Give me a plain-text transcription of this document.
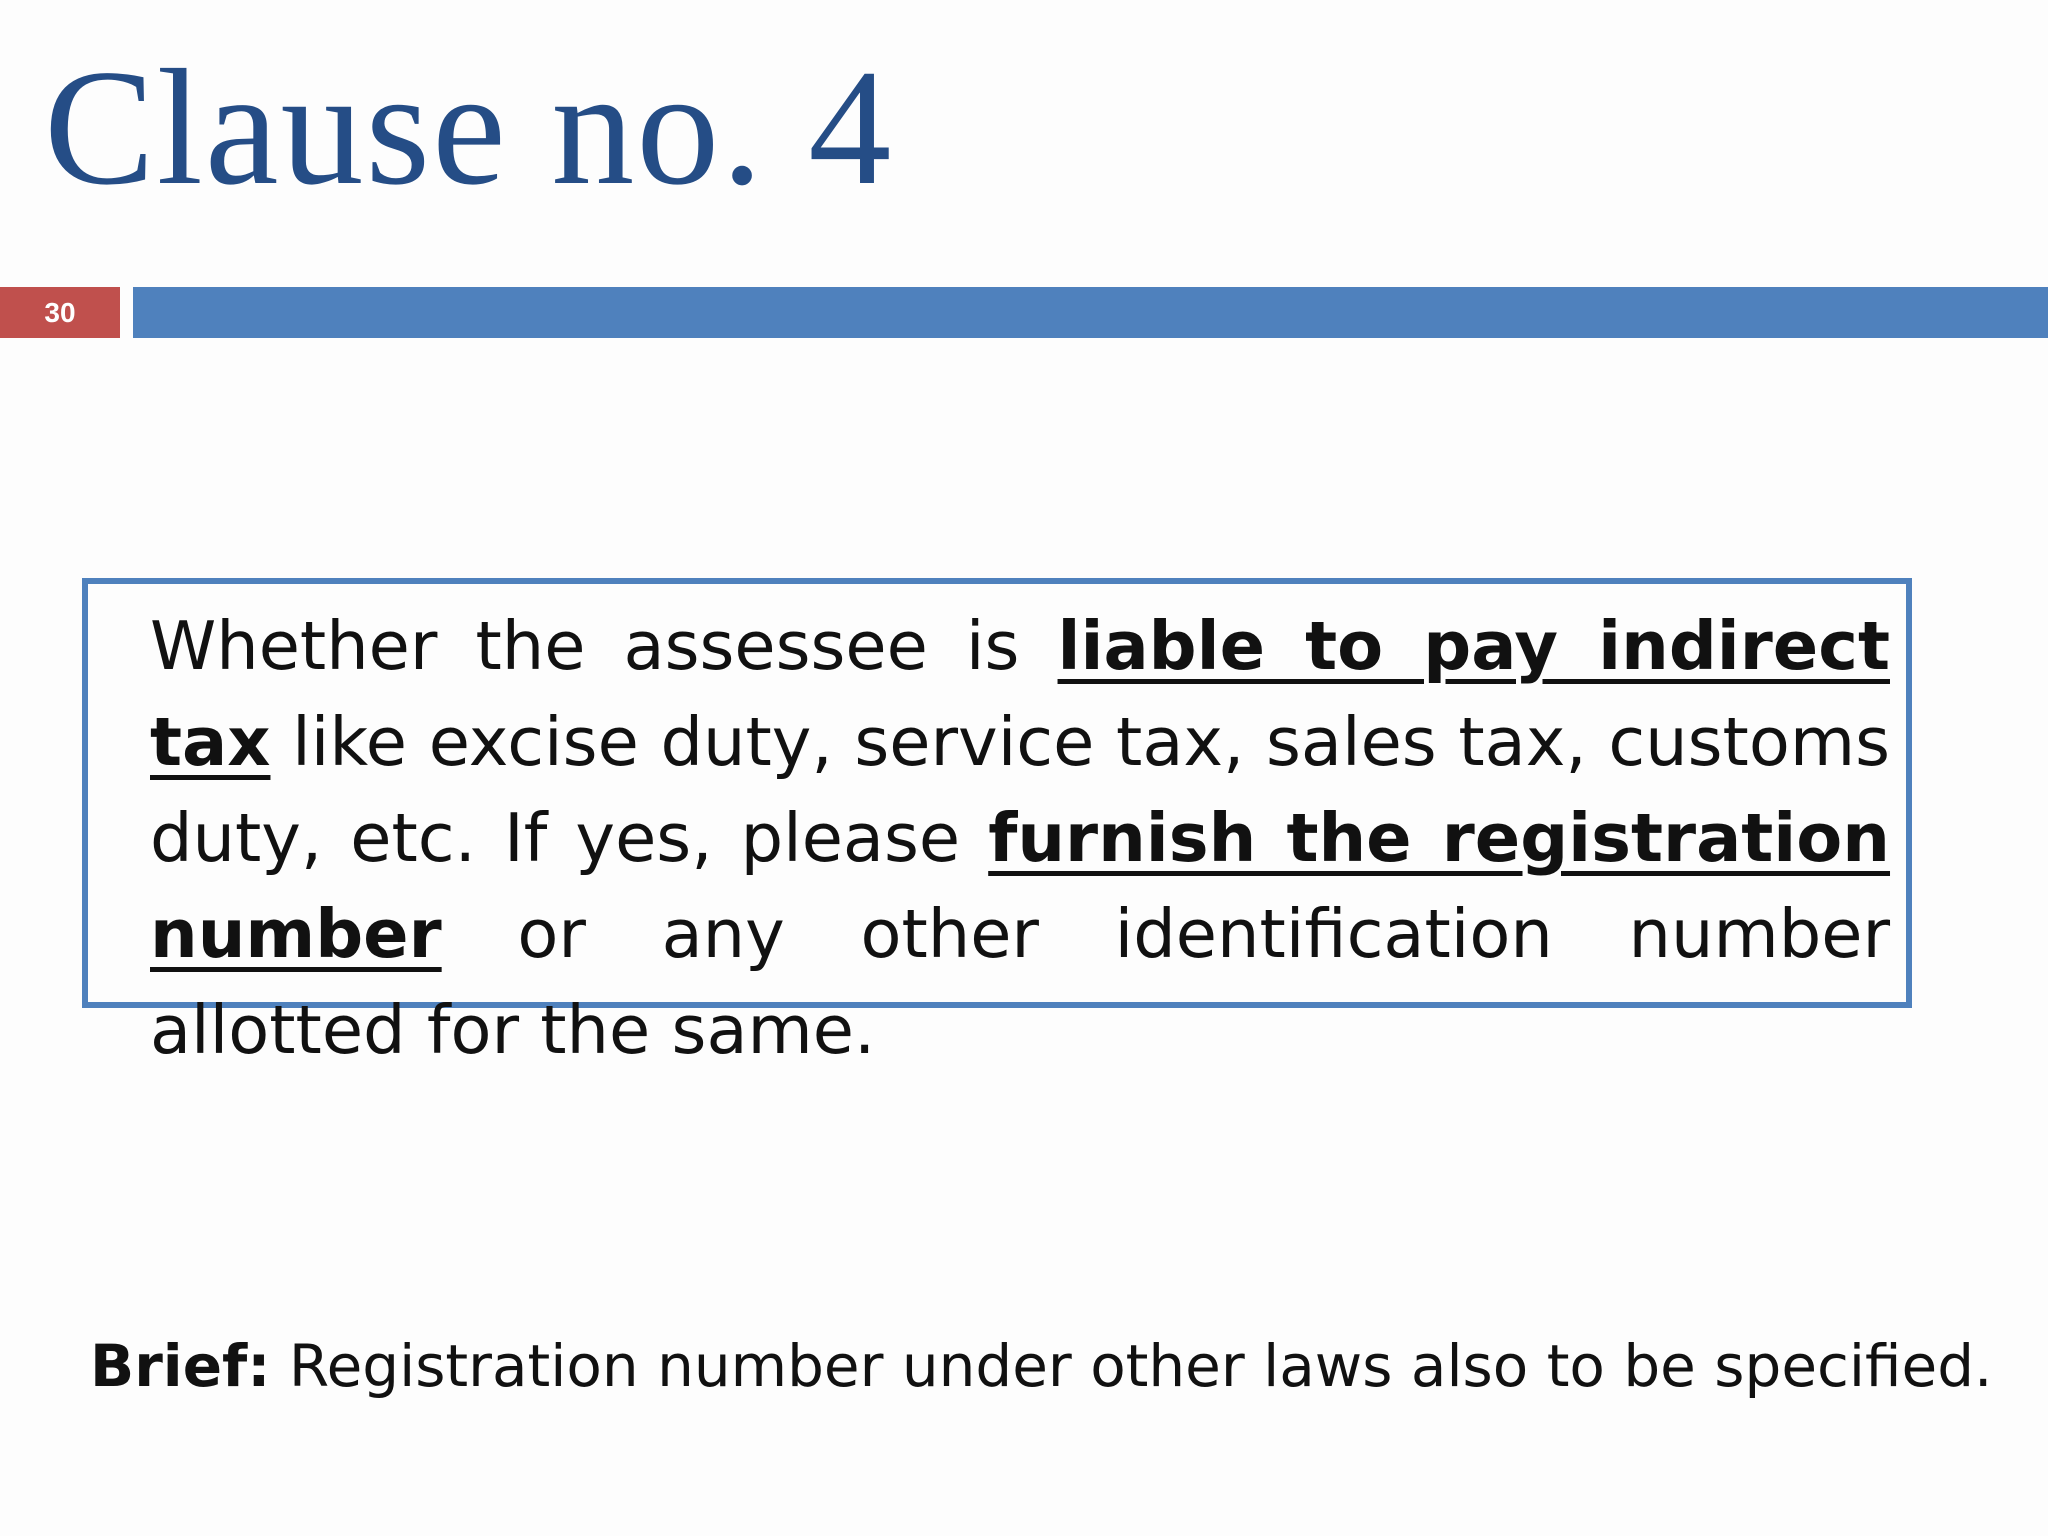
Clause no. 4
30

Whether the assessee is liable to pay indirect tax like excise duty, service tax, sales tax, customs duty, etc. If yes, please furnish the registration number or any other identification number allotted for the same.

Brief: Registration number under other laws also to be specified.
